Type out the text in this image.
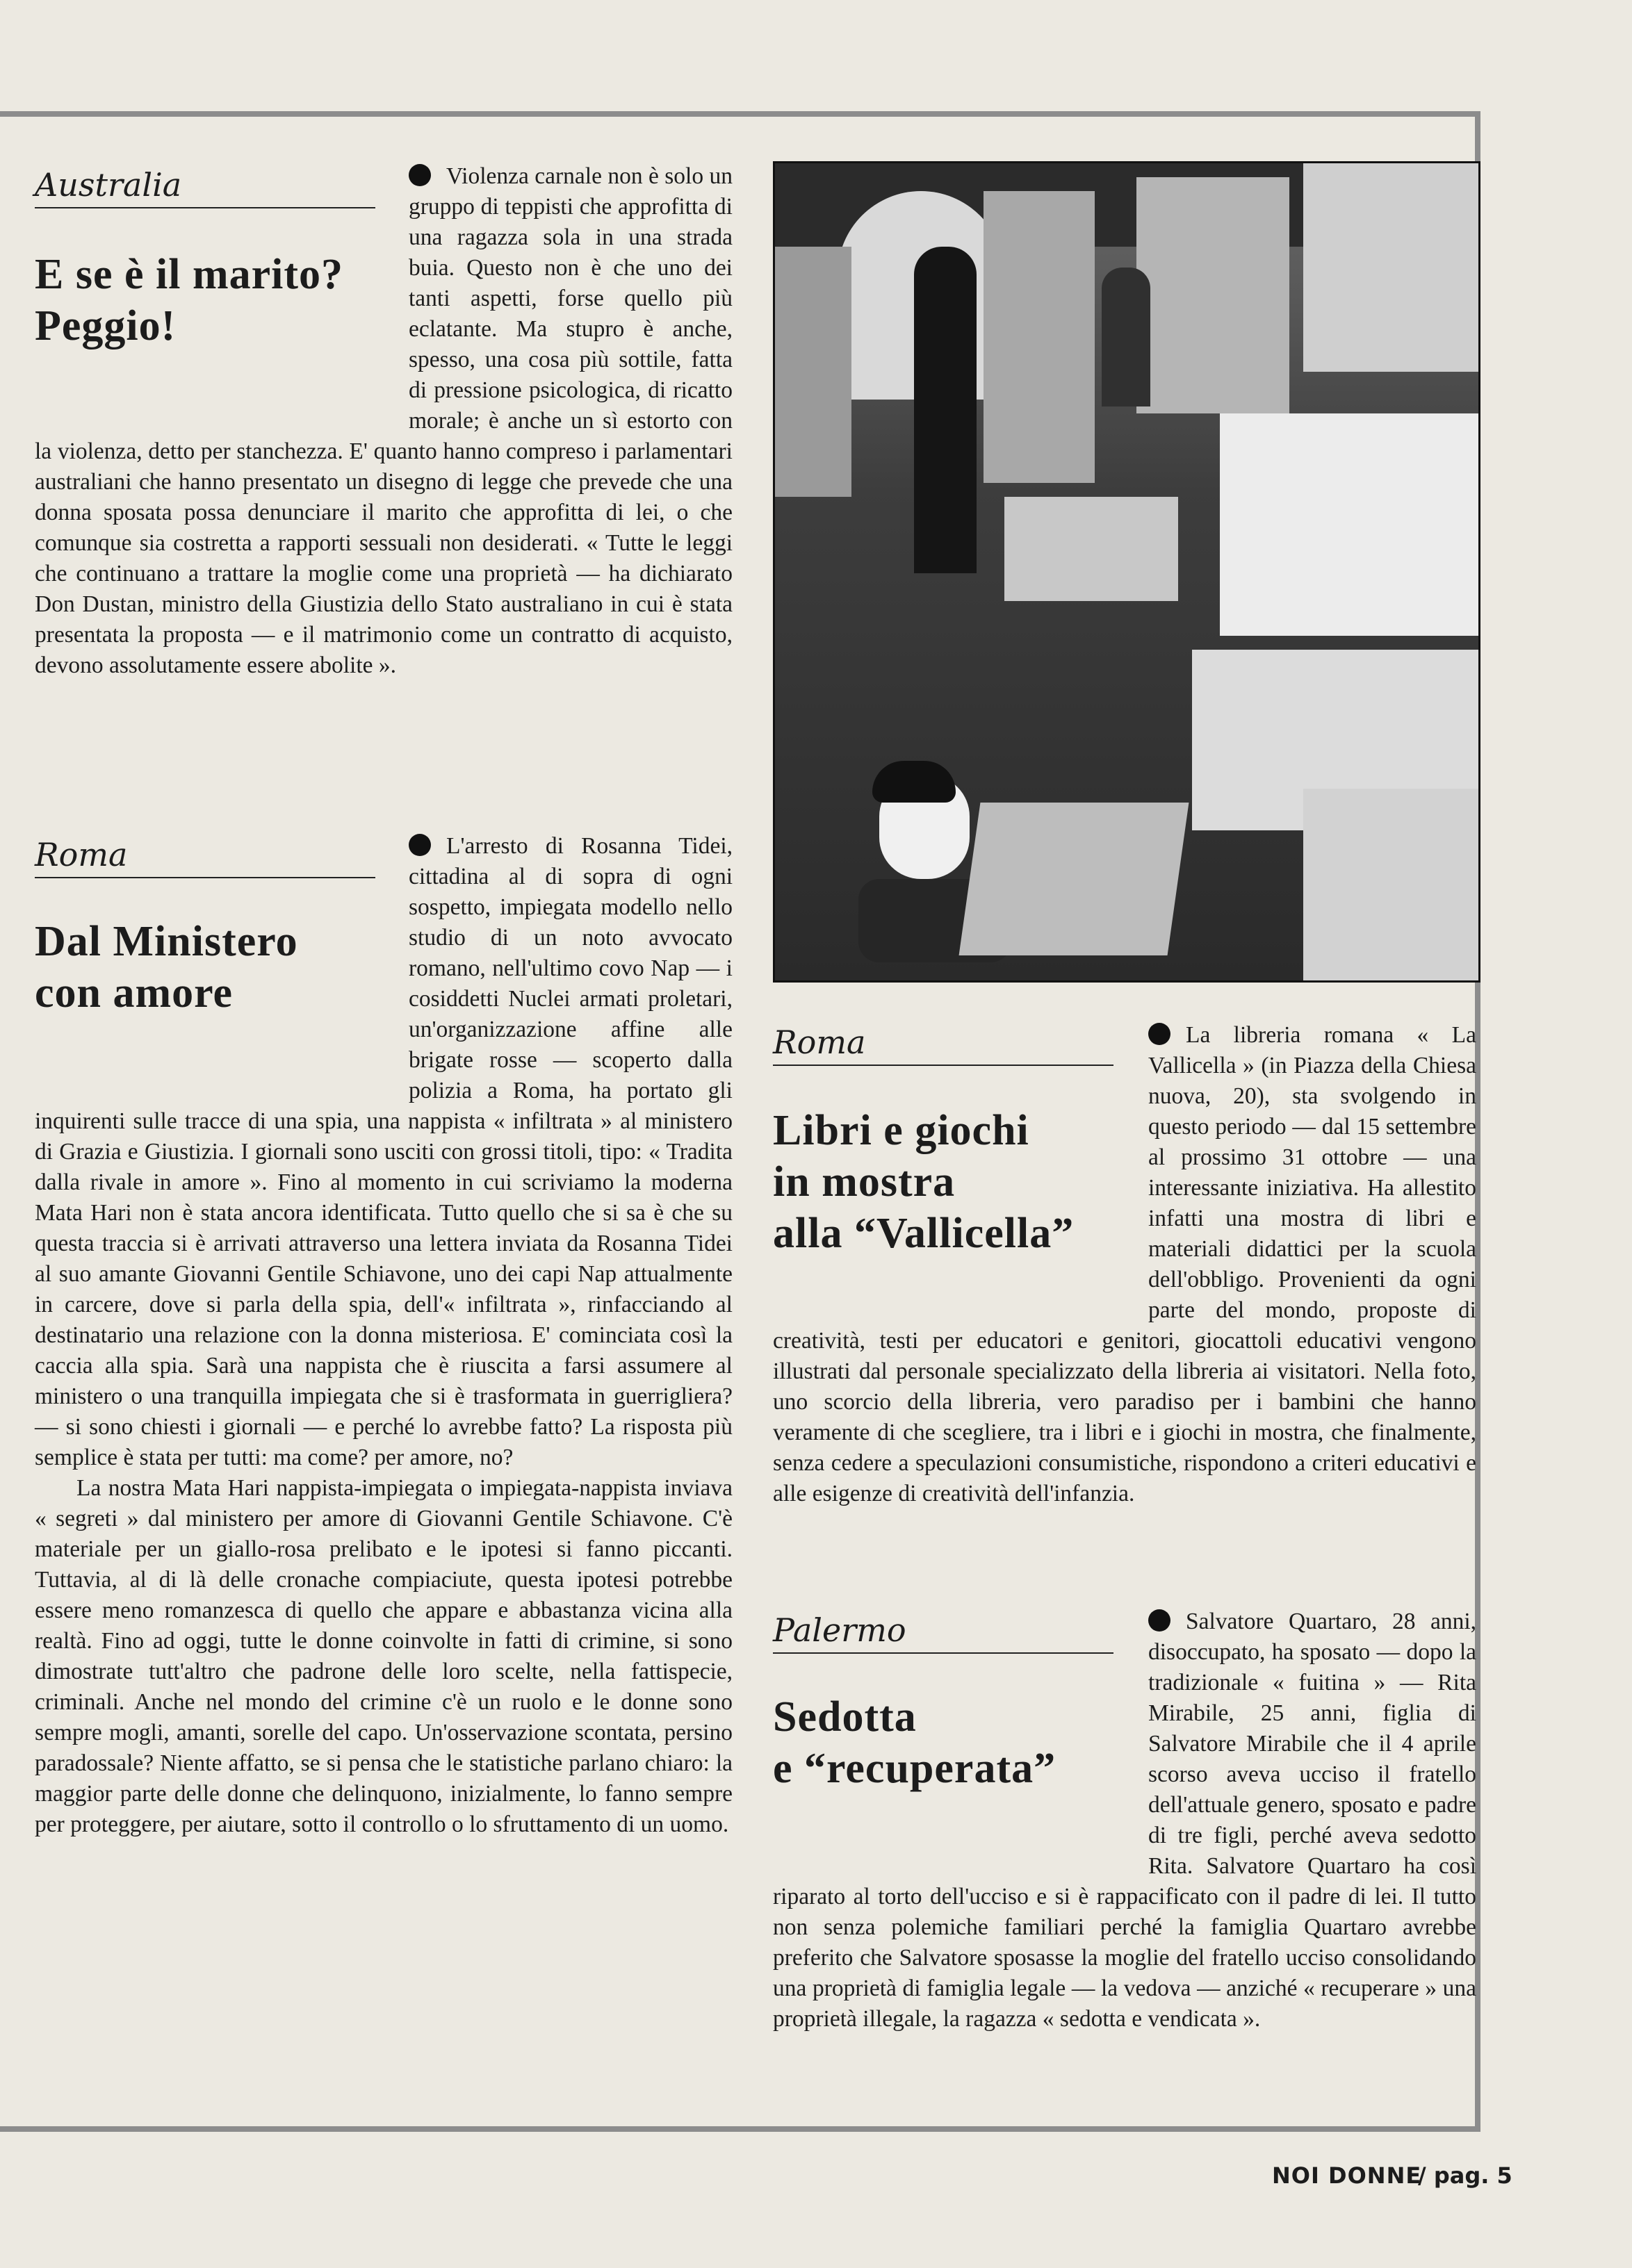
Australia
E se è il marito?
Peggio!

Violenza carnale non è solo un gruppo di teppisti che approfitta di una ragazza sola in una strada buia. Questo non è che uno dei tanti aspetti, forse quello più eclatante. Ma stupro è anche, spesso, una cosa più sottile, fatta di pressione psicologica, di ricatto morale; è anche un sì estorto con la violenza, detto per stanchezza. E' quanto hanno compreso i parlamentari australiani che hanno presentato un disegno di legge che prevede che una donna sposata possa denunciare il marito che approfitta di lei, o che comunque sia costretta a rapporti sessuali non desiderati. « Tutte le leggi che continuano a trattare la moglie come una proprietà — ha dichiarato Don Dustan, ministro della Giustizia dello Stato australiano in cui è stata presentata la proposta — e il matrimonio come un contratto di acquisto, devono assolutamente essere abolite ».

Roma
Dal Ministero
con amore

L'arresto di Rosanna Tidei, cittadina al di sopra di ogni sospetto, impiegata modello nello studio di un noto avvocato romano, nell'ultimo covo Nap — i cosiddetti Nuclei armati proletari, un'organizzazione affine alle brigate rosse — scoperto dalla polizia a Roma, ha portato gli inquirenti sulle tracce di una spia, una nappista « infiltrata » al ministero di Grazia e Giustizia. I giornali sono usciti con grossi titoli, tipo: « Tradita dalla rivale in amore ». Fino al momento in cui scriviamo la moderna Mata Hari non è stata ancora identificata. Tutto quello che si sa è che su questa traccia si è arrivati attraverso una lettera inviata da Rosanna Tidei al suo amante Giovanni Gentile Schiavone, uno dei capi Nap attualmente in carcere, dove si parla della spia, dell'« infiltrata », rinfacciando al destinatario una relazione con la donna misteriosa. E' cominciata così la caccia alla spia. Sarà una nappista che è riuscita a farsi assumere al ministero o una tranquilla impiegata che si è trasformata in guerrigliera? — si sono chiesti i giornali — e perché lo avrebbe fatto? La risposta più semplice è stata per tutti: ma come? per amore, no?

La nostra Mata Hari nappista-impiegata o impiegata-nappista inviava « segreti » dal ministero per amore di Giovanni Gentile Schiavone. C'è materiale per un giallo-rosa prelibato e le ipotesi si fanno piccanti. Tuttavia, al di là delle cronache compiaciute, questa ipotesi potrebbe essere meno romanzesca di quello che appare e abbastanza vicina alla realtà. Fino ad oggi, tutte le donne coinvolte in fatti di crimine, si sono dimostrate tutt'altro che padrone delle loro scelte, nella fattispecie, criminali. Anche nel mondo del crimine c'è un ruolo e le donne sono sempre mogli, amanti, sorelle del capo. Un'osservazione scontata, persino paradossale? Niente affatto, se si pensa che le statistiche parlano chiaro: la maggior parte delle donne che delinquono, inizialmente, lo fanno sempre per proteggere, per aiutare, sotto il controllo o lo sfruttamento di un uomo.

Roma
Libri e giochi
in mostra
alla “Vallicella”

La libreria romana « La Vallicella » (in Piazza della Chiesa nuova, 20), sta svolgendo in questo periodo — dal 15 settembre al prossimo 31 ottobre — una interessante iniziativa. Ha allestito infatti una mostra di libri e materiali didattici per la scuola dell'obbligo. Provenienti da ogni parte del mondo, proposte di creatività, testi per educatori e genitori, giocattoli educativi vengono illustrati dal personale specializzato della libreria ai visitatori. Nella foto, uno scorcio della libreria, vero paradiso per i bambini che hanno veramente di che scegliere, tra i libri e i giochi in mostra, che finalmente, senza cedere a speculazioni consumistiche, rispondono a criteri educativi e alle esigenze di creatività dell'infanzia.

Palermo
Sedotta
e “recuperata”

Salvatore Quartaro, 28 anni, disoccupato, ha sposato — dopo la tradizionale « fuitina » — Rita Mirabile, 25 anni, figlia di Salvatore Mirabile che il 4 aprile scorso aveva ucciso il fratello dell'attuale genero, sposato e padre di tre figli, perché aveva sedotto Rita. Salvatore Quartaro ha così riparato al torto dell'ucciso e si è rappacificato con il padre di lei. Il tutto non senza polemiche familiari perché la famiglia Quartaro avrebbe preferito che Salvatore sposasse la moglie del fratello ucciso consolidando una proprietà di famiglia legale — la vedova — anziché « recuperare » una proprietà illegale, la ragazza « sedotta e vendicata ».

NOI DONNE
/ pag. 5
